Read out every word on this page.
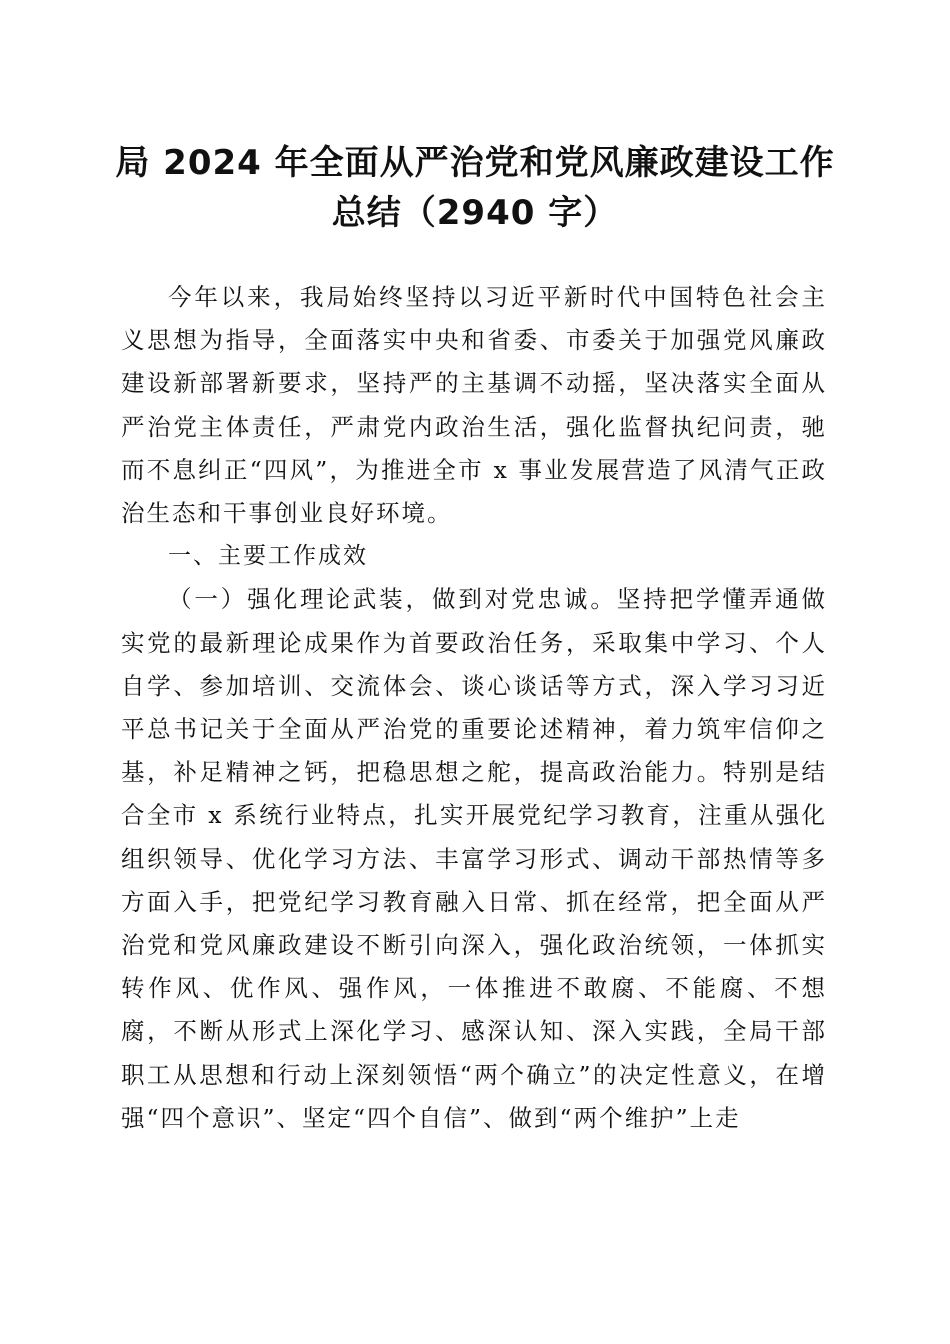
局 2024 年全面从严治党和党风廉政建设工作
总结（2940 字）

今年以来，我局始终坚持以习近平新时代中国特色社会主义思想为指导，全面落实中央和省委、市委关于加强党风廉政建设新部署新要求，坚持严的主基调不动摇，坚决落实全面从严治党主体责任，严肃党内政治生活，强化监督执纪问责，驰而不息纠正“四风”，为推进全市 x 事业发展营造了风清气正政治生态和干事创业良好环境。

一、主要工作成效

（一）强化理论武装，做到对党忠诚。坚持把学懂弄通做实党的最新理论成果作为首要政治任务，采取集中学习、个人自学、参加培训、交流体会、谈心谈话等方式，深入学习习近平总书记关于全面从严治党的重要论述精神，着力筑牢信仰之基，补足精神之钙，把稳思想之舵，提高政治能力。特别是结合全市 x 系统行业特点，扎实开展党纪学习教育，注重从强化组织领导、优化学习方法、丰富学习形式、调动干部热情等多方面入手，把党纪学习教育融入日常、抓在经常，把全面从严治党和党风廉政建设不断引向深入，强化政治统领，一体抓实转作风、优作风、强作风，一体推进不敢腐、不能腐、不想腐，不断从形式上深化学习、感深认知、深入实践，全局干部职工从思想和行动上深刻领悟“两个确立”的决定性意义，在增强“四个意识”、坚定“四个自信”、做到“两个维护”上走
